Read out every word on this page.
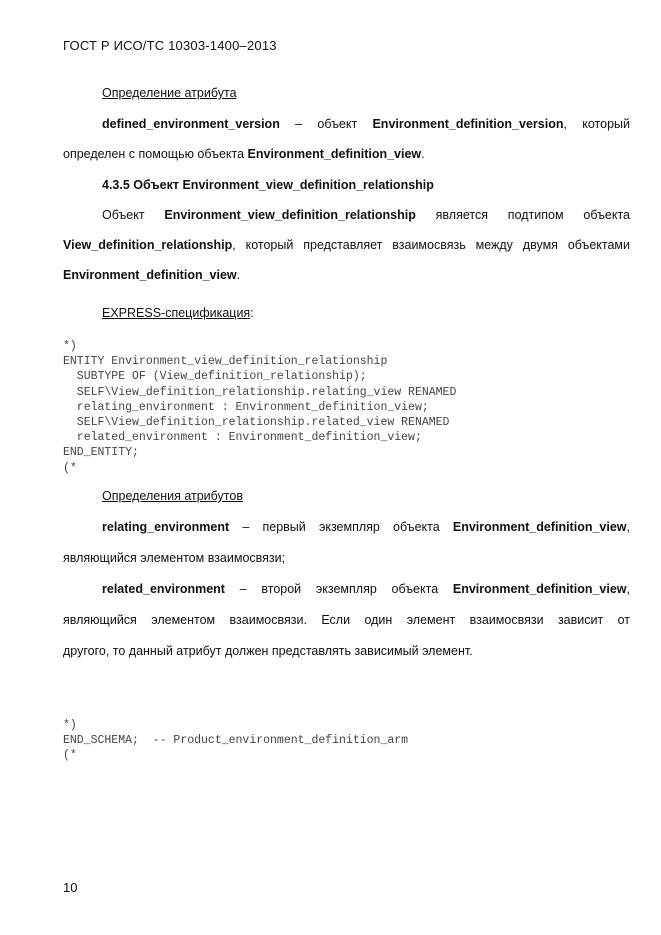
ГОСТ Р ИСО/ТС 10303-1400–2013
Определение атрибута
defined_environment_version – объект Environment_definition_version, который
определен с помощью объекта Environment_definition_view.
4.3.5 Объект Environment_view_definition_relationship
Объект Environment_view_definition_relationship является подтипом объекта
View_definition_relationship, который представляет взаимосвязь между двумя объектами
Environment_definition_view.
EXPRESS-спецификация:
*)
ENTITY Environment_view_definition_relationship
SUBTYPE OF (View_definition_relationship);
SELF\View_definition_relationship.relating_view RENAMED
relating_environment : Environment_definition_view;
SELF\View_definition_relationship.related_view RENAMED
related_environment : Environment_definition_view;
END_ENTITY;
(*
Определения атрибутов
relating_environment – первый экземпляр объекта Environment_definition_view,
являющийся элементом взаимосвязи;
related_environment – второй экземпляр объекта Environment_definition_view,
являющийся элементом взаимосвязи. Если один элемент взаимосвязи зависит от
другого, то данный атрибут должен представлять зависимый элемент.
*)
END_SCHEMA;  -- Product_environment_definition_arm
(*
10
